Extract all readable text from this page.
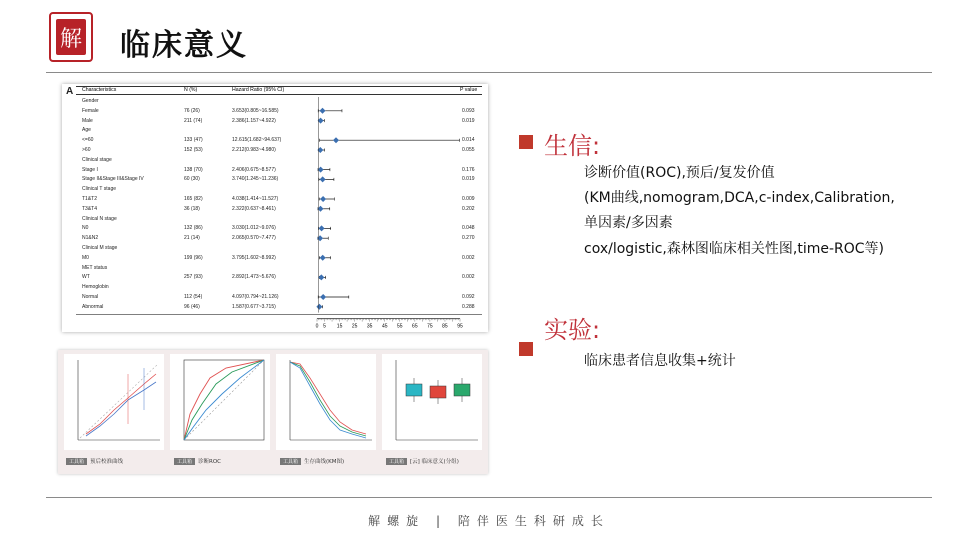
解 临床意义
A Characteristics	N (%)	Hazard Ratio (95% CI)	P value
Gender
Female	76 (26)	3.653(0.805~16.585)	0.093
Male	211 (74)	2.386(1.157~4.922)	0.019
Age
<=60	133 (47)	12.615(1.682~94.637)	0.014
>60	152 (53)	2.212(0.983~4.980)	0.055
Clinical stage
Stage I	138 (70)	2.406(0.675~8.577)	0.176
Stage II&Stage III&Stage IV	60 (30)	3.740(1.245~11.236)	0.019
Clinical T stage
T1&T2	165 (82)	4.038(1.414~11.527)	0.009
T3&T4	36 (18)	2.322(0.637~8.461)	0.202
Clinical N stage
N0	132 (86)	3.030(1.012~9.076)	0.048
N1&N2	21 (14)	2.065(0.570~7.477)	0.270
Clinical M stage
M0	199 (96)	3.795(1.602~8.992)	0.002
MET status
WT	257 (93)	2.892(1.473~5.676)	0.002
Hemoglobin
Normal	112 (54)	4.097(0.794~21.126)	0.092
Abnormal	96 (46)	1.587(0.677~3.715)	0.288
0 5 15 25 35 45 55 65 75 85 95
生信:
诊断价值(ROC),预后/复发价值
(KM曲线,nomogram,DCA,c-index,Calibration,
单因素/多因素
cox/logistic,森林图临床相关性图,time-ROC等)
实验:
临床患者信息收集+统计
工具箱 预后校准曲线	工具箱 诊断ROC	工具箱 生存曲线(KM图)	工具箱 [云] 临床意义(分组)
解螺旋 | 陪伴医生科研成长
